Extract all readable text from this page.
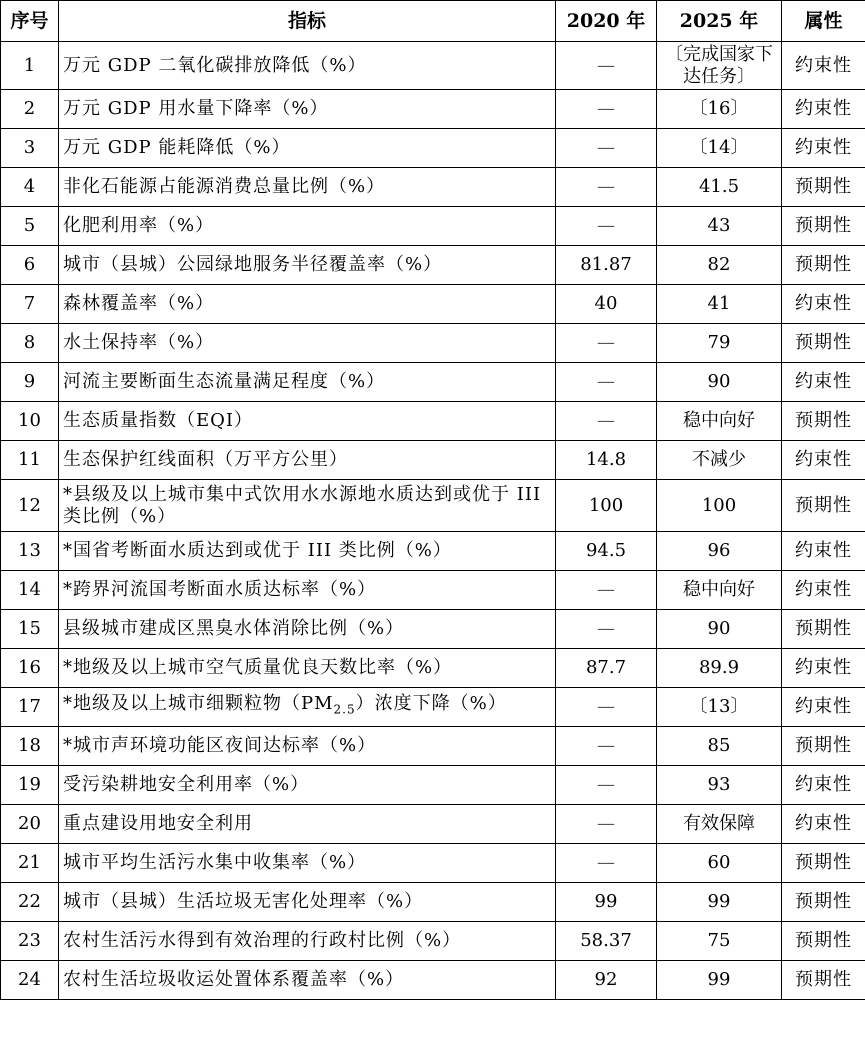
序号	指标	2020 年	2025 年	属性
1	万元 GDP 二氧化碳排放降低（%）	—	〔完成国家下达任务〕	约束性
2	万元 GDP 用水量下降率（%）	—	〔16〕	约束性
3	万元 GDP 能耗降低（%）	—	〔14〕	约束性
4	非化石能源占能源消费总量比例（%）	—	41.5	预期性
5	化肥利用率（%）	—	43	预期性
6	城市（县城）公园绿地服务半径覆盖率（%）	81.87	82	预期性
7	森林覆盖率（%）	40	41	约束性
8	水土保持率（%）	—	79	预期性
9	河流主要断面生态流量满足程度（%）	—	90	约束性
10	生态质量指数（EQI）	—	稳中向好	预期性
11	生态保护红线面积（万平方公里）	14.8	不减少	约束性
12	*县级及以上城市集中式饮用水水源地水质达到或优于 III 类比例（%）	100	100	预期性
13	*国省考断面水质达到或优于 III 类比例（%）	94.5	96	约束性
14	*跨界河流国考断面水质达标率（%）	—	稳中向好	约束性
15	县级城市建成区黑臭水体消除比例（%）	—	90	预期性
16	*地级及以上城市空气质量优良天数比率（%）	87.7	89.9	约束性
17	*地级及以上城市细颗粒物$(PM_{2.5})$浓度下降（%）	—	〔13〕	约束性
18	*城市声环境功能区夜间达标率（%）	—	85	预期性
19	受污染耕地安全利用率（%）	—	93	约束性
20	重点建设用地安全利用	—	有效保障	约束性
21	城市平均生活污水集中收集率（%）	—	60	预期性
22	城市（县城）生活垃圾无害化处理率（%）	99	99	预期性
23	农村生活污水得到有效治理的行政村比例（%）	58.37	75	预期性
24	农村生活垃圾收运处置体系覆盖率（%）	92	99	预期性
